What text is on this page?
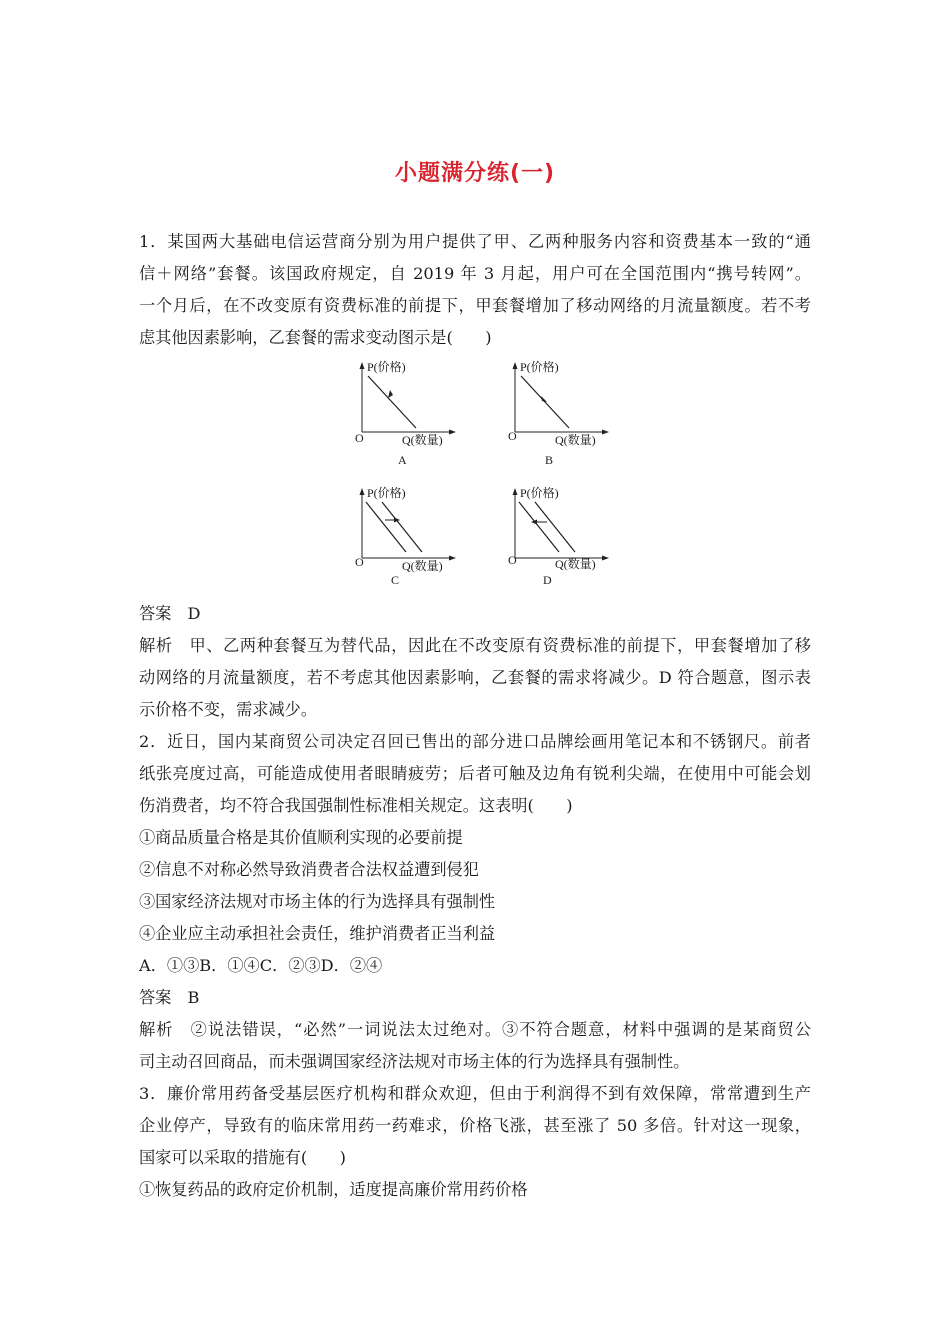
小题满分练(一)
1．某国两大基础电信运营商分别为用户提供了甲、乙两种服务内容和资费基本一致的“通
信＋网络”套餐。该国政府规定，自 2019 年 3 月起，用户可在全国范围内“携号转网”。
一个月后，在不改变原有资费标准的前提下，甲套餐增加了移动网络的月流量额度。若不考
虑其他因素影响，乙套餐的需求变动图示是(　　)
P(价格)
O	Q(数量)
A
P(价格)
O	Q(数量)
B
P(价格)
O	Q(数量)
C
P(价格)
O	Q(数量)
D
答案　D
解析　甲、乙两种套餐互为替代品，因此在不改变原有资费标准的前提下，甲套餐增加了移
动网络的月流量额度，若不考虑其他因素影响，乙套餐的需求将减少。D 符合题意，图示表
示价格不变，需求减少。
2．近日，国内某商贸公司决定召回已售出的部分进口品牌绘画用笔记本和不锈钢尺。前者
纸张亮度过高，可能造成使用者眼睛疲劳；后者可触及边角有锐利尖端，在使用中可能会划
伤消费者，均不符合我国强制性标准相关规定。这表明(　　)
①商品质量合格是其价值顺利实现的必要前提
②信息不对称必然导致消费者合法权益遭到侵犯
③国家经济法规对市场主体的行为选择具有强制性
④企业应主动承担社会责任，维护消费者正当利益
A．①③B．①④C．②③D．②④
答案　B
解析　②说法错误，“必然”一词说法太过绝对。③不符合题意，材料中强调的是某商贸公
司主动召回商品，而未强调国家经济法规对市场主体的行为选择具有强制性。
3．廉价常用药备受基层医疗机构和群众欢迎，但由于利润得不到有效保障，常常遭到生产
企业停产，导致有的临床常用药一药难求，价格飞涨，甚至涨了 50 多倍。针对这一现象，
国家可以采取的措施有(　　)
①恢复药品的政府定价机制，适度提高廉价常用药价格
